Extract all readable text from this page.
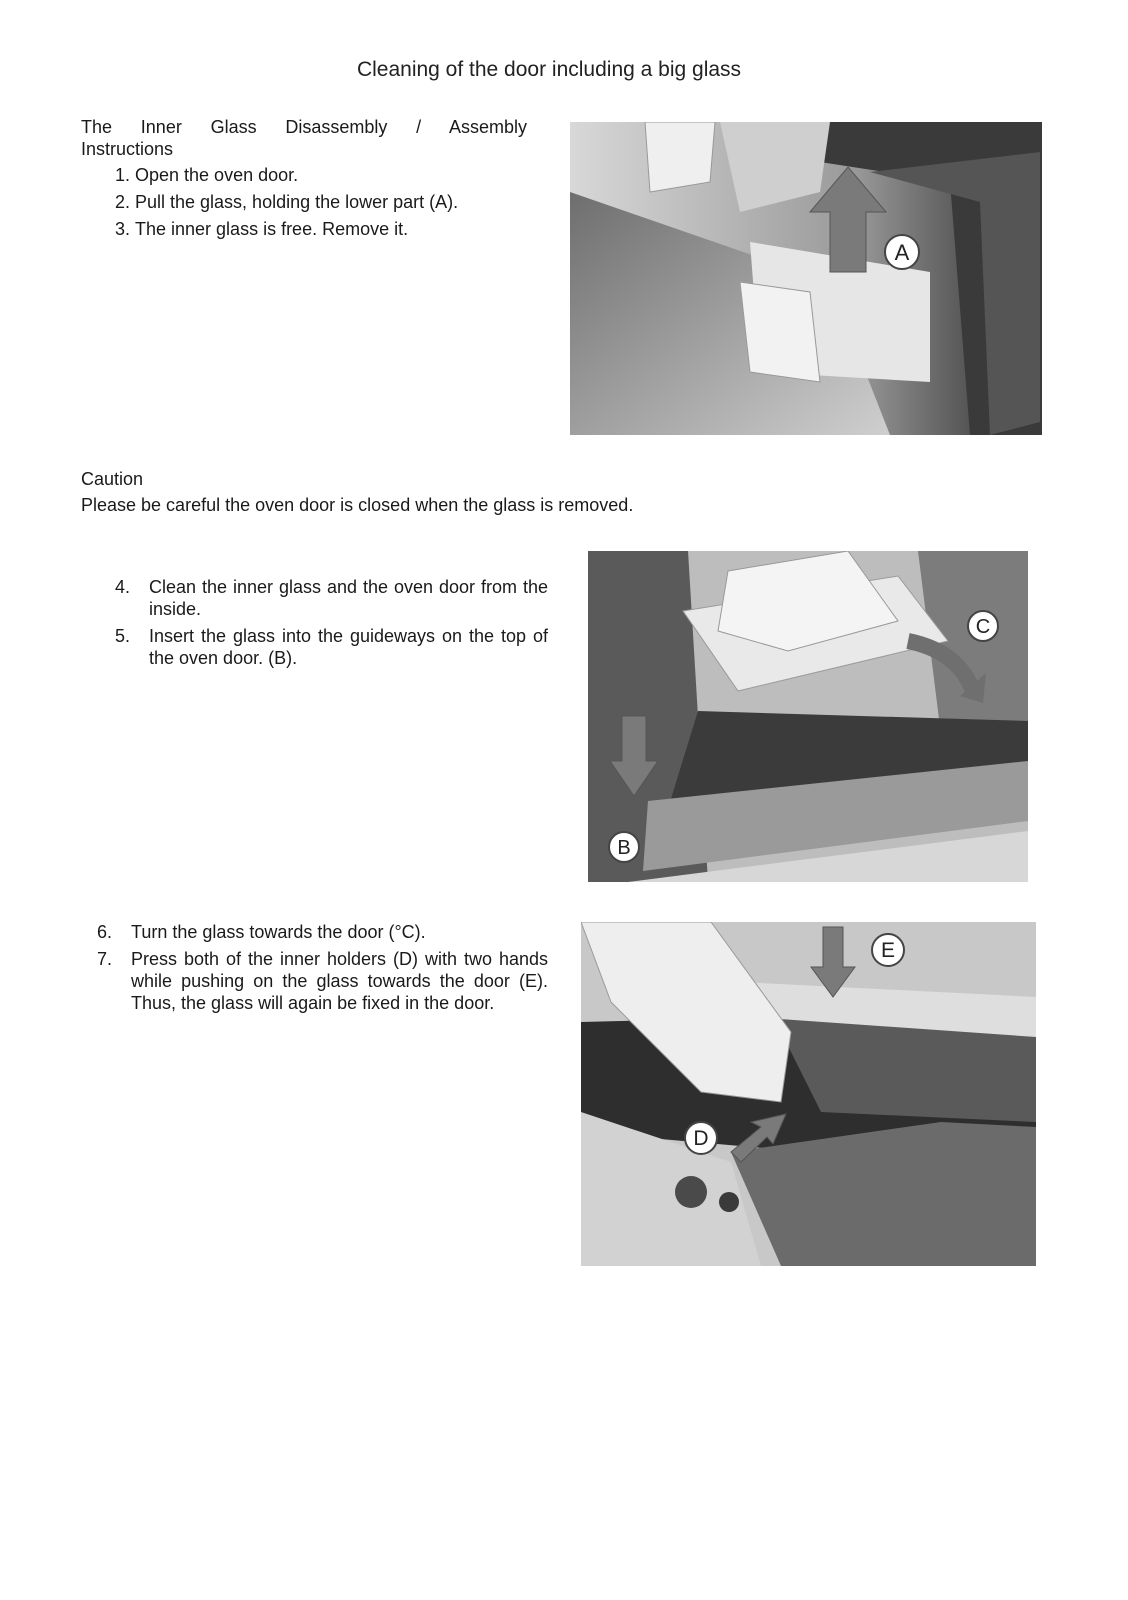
Cleaning of the door including a big glass
The Inner Glass Disassembly / Assembly
Instructions
1. Open the oven door.
2. Pull the glass, holding the lower part (A).
3. The inner glass is free. Remove it.
A
Caution
Please be careful the oven door is closed when the glass is removed.
4. Clean the inner glass and the oven door from the inside.
5. Insert the glass into the guideways on the top of the oven door. (B).
C
B
6. Turn the glass towards the door (°C).
7. Press both of the inner holders (D) with two hands while pushing on the glass towards the door (E). Thus, the glass will again be fixed in the door.
E
D
